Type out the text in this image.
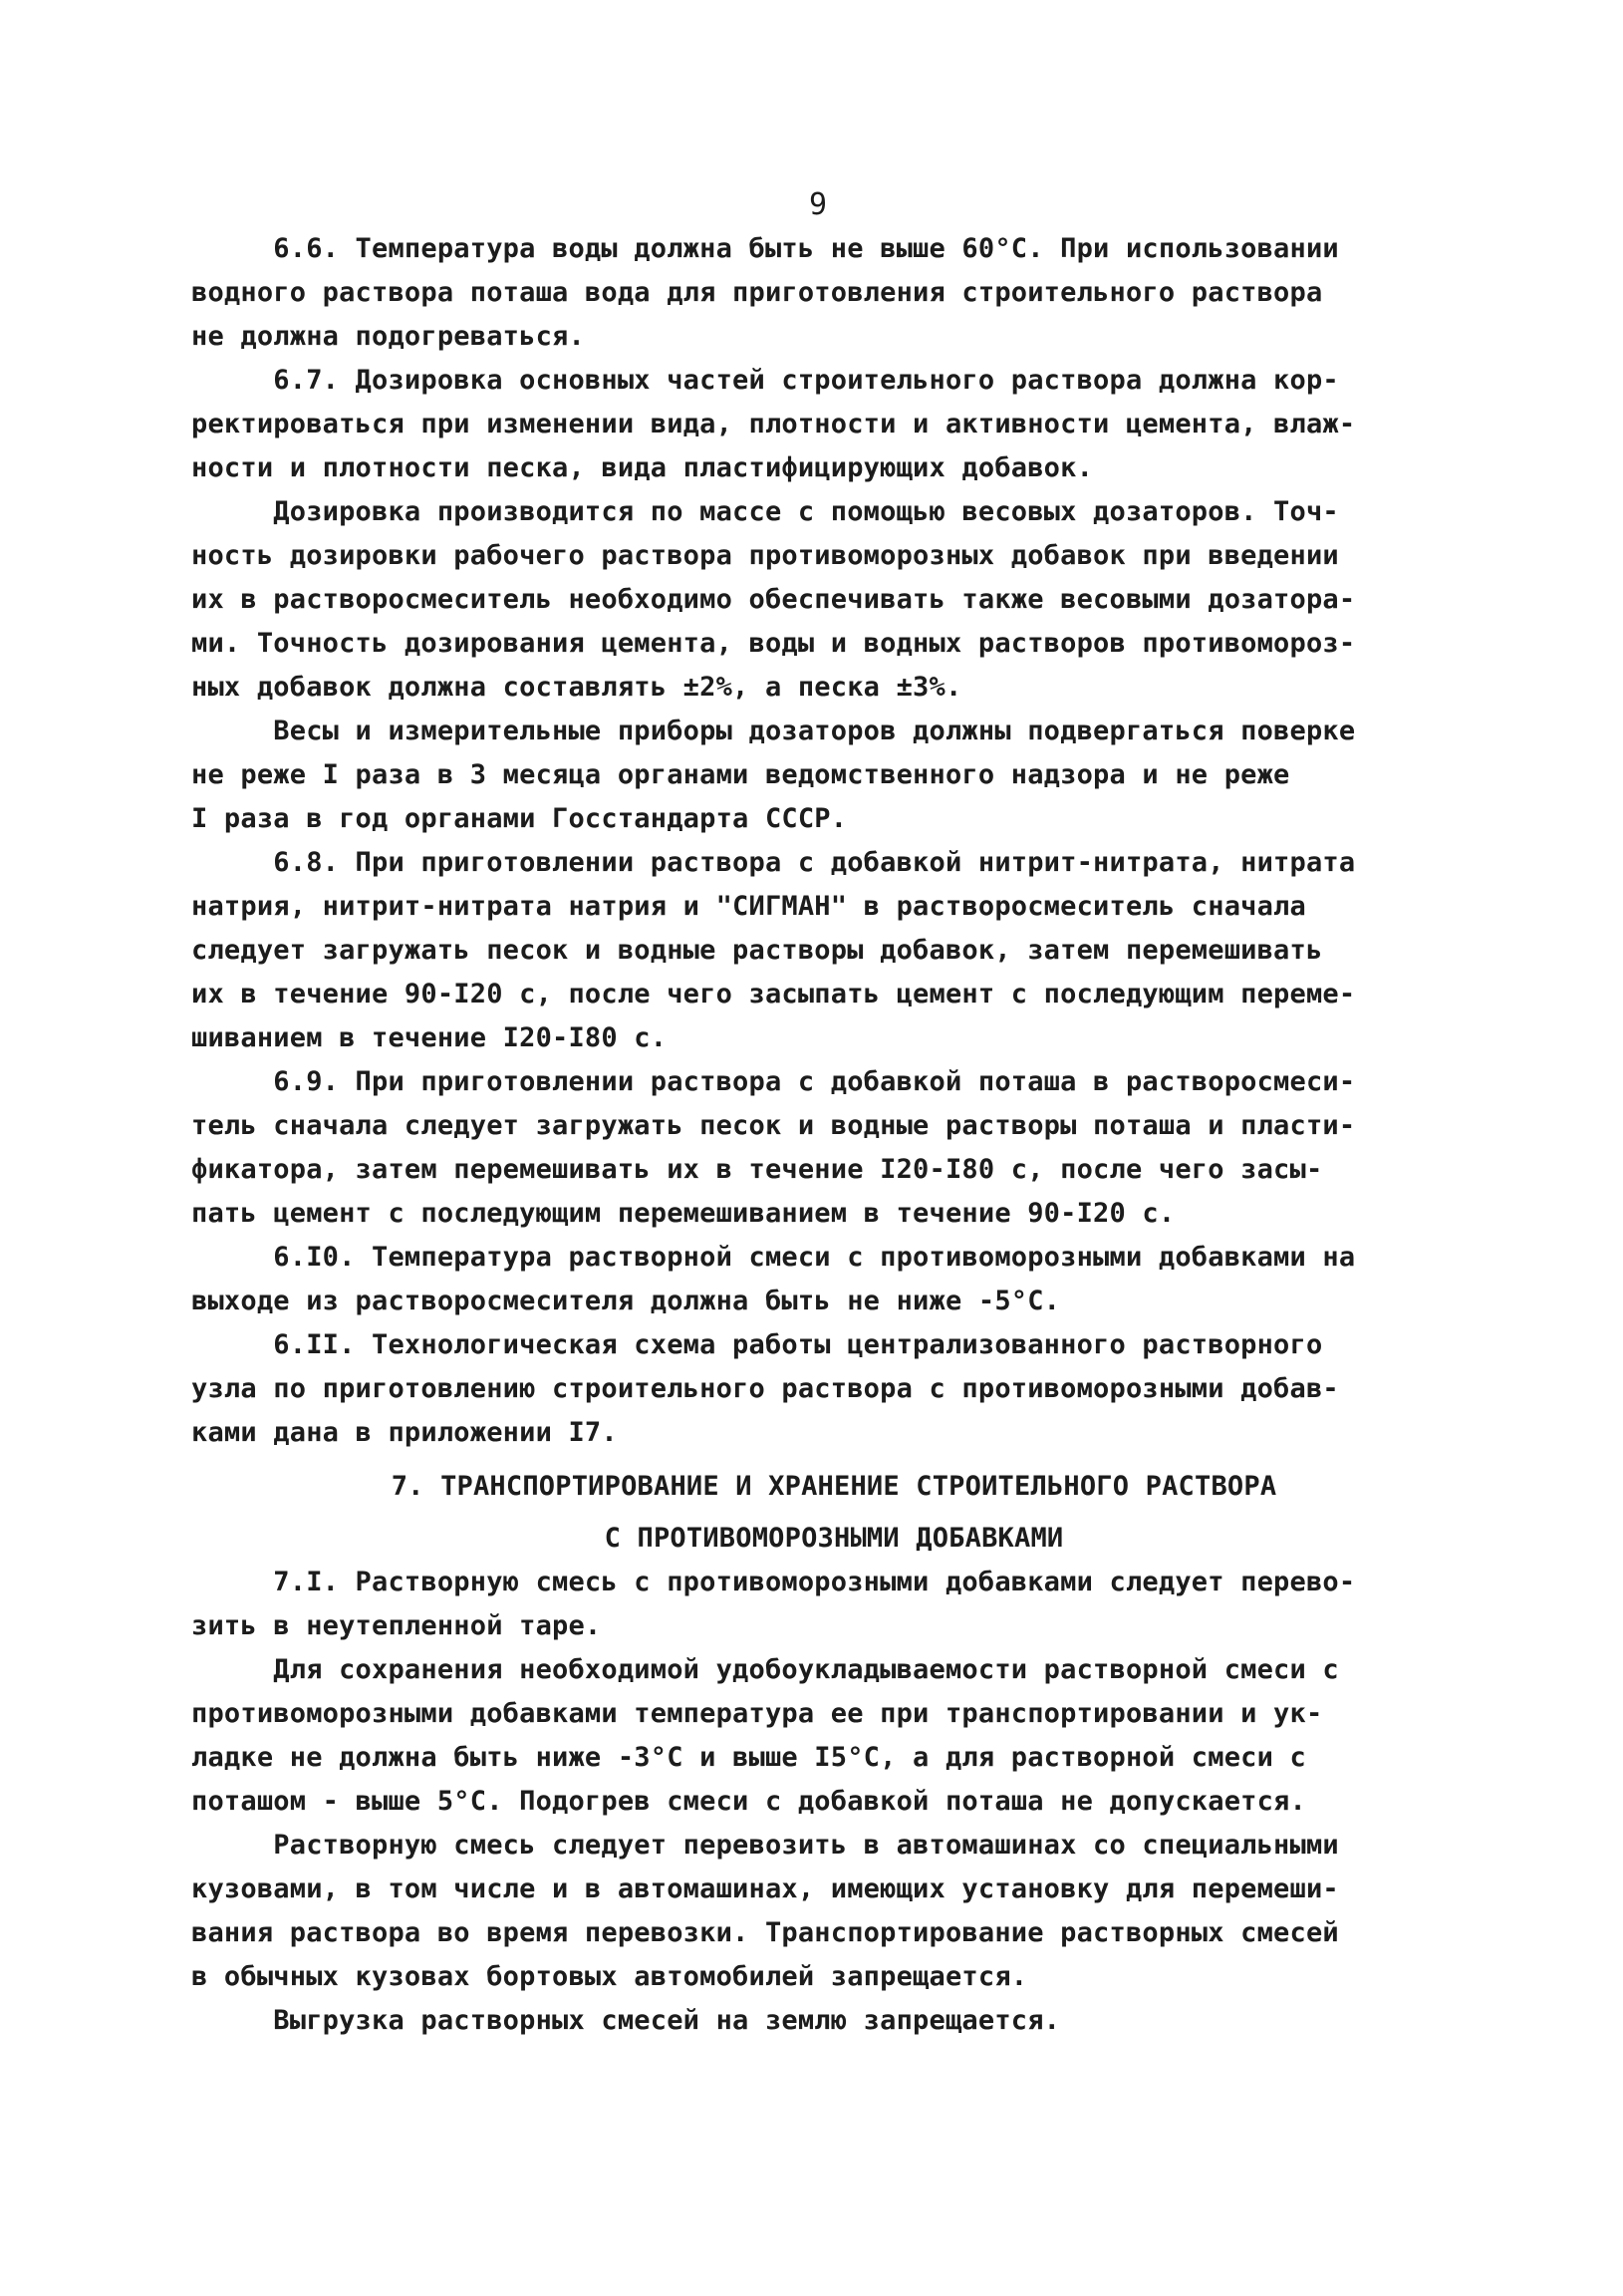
9
6.6. Температура воды должна быть не выше 60°С. При использовании
водного раствора поташа вода для приготовления строительного раствора
не должна подогреваться.
6.7. Дозировка основных частей строительного раствора должна кор-
ректироваться при изменении вида, плотности и активности цемента, влаж-
ности и плотности песка, вида пластифицирующих добавок.
Дозировка производится по массе с помощью весовых дозаторов. Точ-
ность дозировки рабочего раствора противоморозных добавок при введении
их в растворосмеситель необходимо обеспечивать также весовыми дозатора-
ми. Точность дозирования цемента, воды и водных растворов противомороз-
ных добавок должна составлять ±2%, а песка ±3%.
Весы и измерительные приборы дозаторов должны подвергаться поверке
не реже I раза в 3 месяца органами ведомственного надзора и не реже
I раза в год органами Госстандарта СССР.
6.8. При приготовлении раствора с добавкой нитрит-нитрата, нитрата
натрия, нитрит-нитрата натрия и "СИГМАН" в растворосмеситель сначала
следует загружать песок и водные растворы добавок, затем перемешивать
их в течение 90-I20 с, после чего засыпать цемент с последующим переме-
шиванием в течение I20-I80 с.
6.9. При приготовлении раствора с добавкой поташа в растворосмеси-
тель сначала следует загружать песок и водные растворы поташа и пласти-
фикатора, затем перемешивать их в течение I20-I80 с, после чего засы-
пать цемент с последующим перемешиванием в течение 90-I20 с.
6.I0. Температура растворной смеси с противоморозными добавками на
выходе из растворосмесителя должна быть не ниже -5°С.
6.II. Технологическая схема работы централизованного растворного
узла по приготовлению строительного раствора с противоморозными добав-
ками дана в приложении I7.
7. ТРАНСПОРТИРОВАНИЕ И ХРАНЕНИЕ СТРОИТЕЛЬНОГО РАСТВОРА
С ПРОТИВОМОРОЗНЫМИ ДОБАВКАМИ
7.I. Растворную смесь с противоморозными добавками следует перево-
зить в неутепленной таре.
Для сохранения необходимой удобоукладываемости растворной смеси с
противоморозными добавками температура ее при транспортировании и ук-
ладке не должна быть ниже -3°С и выше I5°С, а для растворной смеси с
поташом - выше 5°С. Подогрев смеси с добавкой поташа не допускается.
Растворную смесь следует перевозить в автомашинах со специальными
кузовами, в том числе и в автомашинах, имеющих установку для перемеши-
вания раствора во время перевозки. Транспортирование растворных смесей
в обычных кузовах бортовых автомобилей запрещается.
Выгрузка растворных смесей на землю запрещается.
